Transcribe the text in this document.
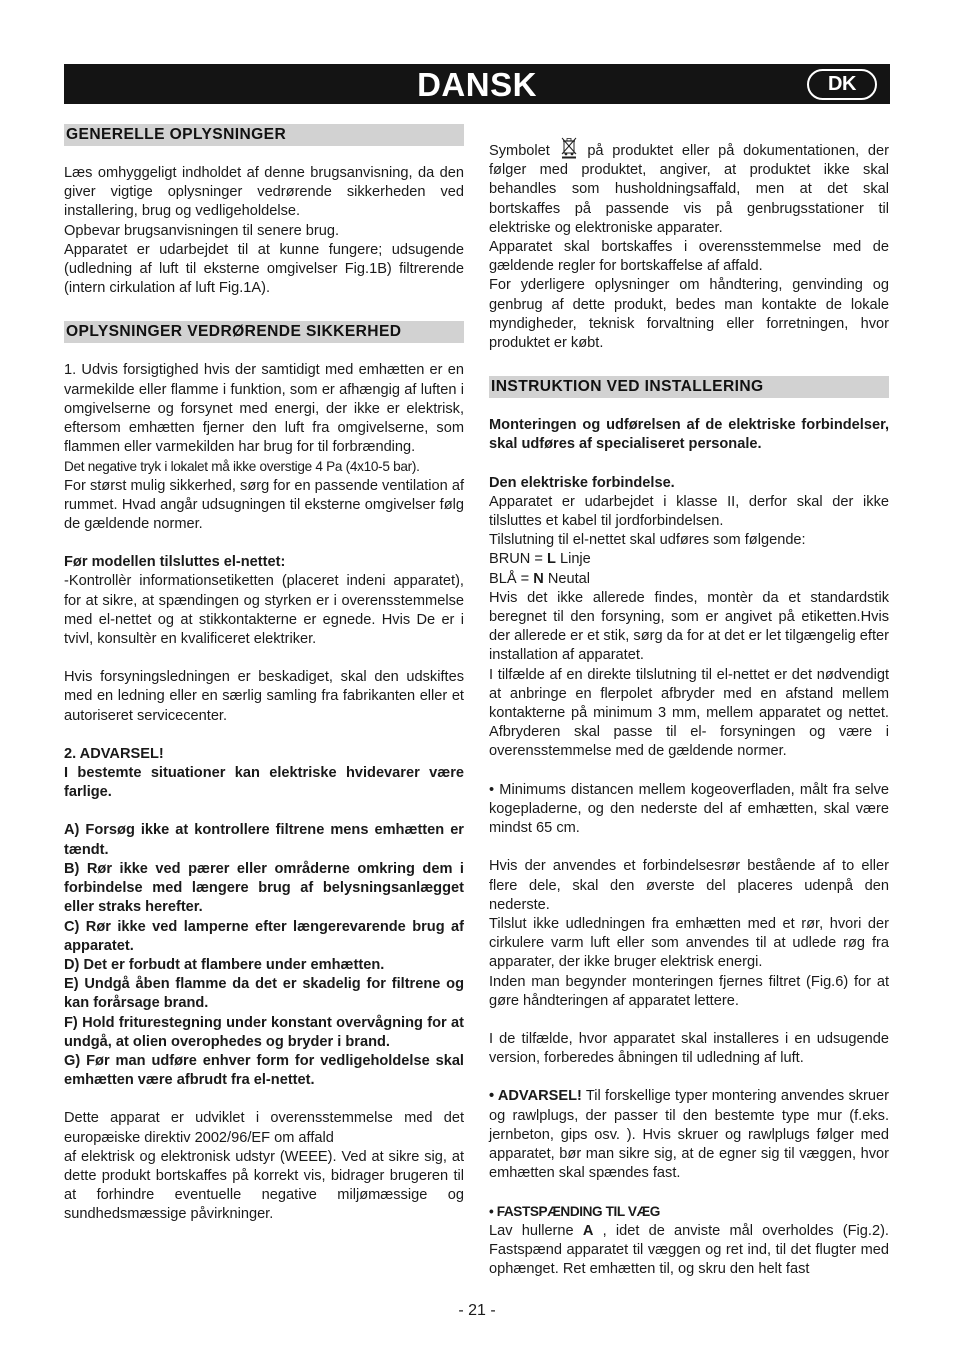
DANSK	DK
GENERELLE OPLYSNINGER

Læs omhyggeligt indholdet af denne brugsanvisning, da den giver vigtige oplysninger vedrørende sikkerheden ved installering, brug og vedligeholdelse.

Opbevar brugsanvisningen til senere brug.

Apparatet er udarbejdet til at kunne fungere; udsugende (udledning af luft til eksterne omgivelser Fig.1B) filtrerende (intern cirkulation af luft Fig.1A).

OPLYSNINGER VEDRØRENDE SIKKERHED

1. Udvis forsigtighed hvis der samtidigt med emhætten er en varmekilde eller flamme i funktion, som er afhængig af luften i omgivelserne og forsynet med energi, der ikke er elektrisk, eftersom emhætten fjerner den luft fra omgivelserne, som flammen eller varmekilden har brug for til forbrænding.

Det negative tryk i lokalet må ikke overstige 4 Pa (4x10-5 bar).

For størst mulig sikkerhed, sørg for en passende ventilation af rummet. Hvad angår udsugningen til eksterne omgivelser følg de gældende normer.

Før modellen tilsluttes el-nettet:

-Kontrollèr informationsetiketten (placeret indeni apparatet), for at sikre, at spændingen og styrken er i overensstemmelse med el-nettet og at stikkontakterne er egnede. Hvis De er i tvivl, konsultèr en kvalificeret elektriker.

Hvis forsyningsledningen er beskadiget, skal den udskiftes med en ledning eller en særlig samling fra fabrikanten eller et autoriseret servicecenter.

2. ADVARSEL!

I bestemte situationer kan elektriske hvidevarer være farlige.

A) Forsøg ikke at kontrollere filtrene mens emhætten er tændt.

B) Rør ikke ved pærer eller områderne omkring dem i forbindelse med længere brug af belysningsanlægget eller straks herefter.

C) Rør ikke ved lamperne efter længerevarende brug af apparatet.

D) Det er forbudt at flambere under emhætten.

E) Undgå åben flamme da det er skadelig for filtrene og kan forårsage brand.

F) Hold friturestegning under konstant overvågning for at undgå, at olien overophedes og bryder i brand.

G) Før man udføre enhver form for vedligeholdelse skal emhætten være afbrudt fra el-nettet.

Dette apparat er udviklet i overensstemmelse med det europæiske direktiv 2002/96/EF om affald

af elektrisk og elektronisk udstyr (WEEE). Ved at sikre sig, at dette produkt bortskaffes på korrekt vis, bidrager brugeren til at forhindre eventuelle negative miljømæssige og sundhedsmæssige påvirkninger.

Symbolet	på produktet eller på dokumentationen, der følger med produktet, angiver, at produktet ikke skal behandles som husholdningsaffald, men at det skal bortskaffes på passende vis på genbrugsstationer til elektriske og elektroniske apparater.

Apparatet skal bortskaffes i overensstemmelse med de gældende regler for bortskaffelse af affald.

For yderligere oplysninger om håndtering, genvinding og genbrug af dette produkt, bedes man kontakte de lokale myndigheder, teknisk forvaltning eller forretningen, hvor produktet er købt.

INSTRUKTION VED INSTALLERING

Monteringen og udførelsen af de elektriske forbindelser, skal udføres af specialiseret personale.

Den elektriske forbindelse.

Apparatet er udarbejdet i klasse II, derfor skal der ikke tilsluttes et kabel til jordforbindelsen.

Tilslutning til el-nettet skal udføres som følgende:

BRUN = L Linje

BLÅ = N Neutal

Hvis det ikke allerede findes, montèr da et standardstik beregnet til den forsyning, som er angivet på etiketten.Hvis der allerede er et stik, sørg da for at det er let tilgængelig efter installation af apparatet.

I tilfælde af en direkte tilslutning til el-nettet er det nødvendigt at anbringe en flerpolet afbryder med en afstand mellem kontakterne på minimum 3 mm, mellem apparatet og nettet. Afbryderen skal passe til el- forsyningen og være i overensstemmelse med de gældende normer.

• Minimums distancen mellem kogeoverfladen, målt fra selve kogepladerne, og den nederste del af emhætten, skal være mindst 65 cm.

Hvis der anvendes et forbindelsesrør bestående af to eller flere dele, skal den øverste del placeres udenpå den nederste.

Tilslut ikke udledningen fra emhætten med et rør, hvori der cirkulere varm luft eller som anvendes til at udlede røg fra apparater, der ikke bruger elektrisk energi.

Inden man begynder monteringen fjernes filtret (Fig.6) for at gøre håndteringen af apparatet lettere.

I de tilfælde, hvor apparatet skal installeres i en udsugende version, forberedes åbningen til udledning af luft.

• ADVARSEL! Til forskellige typer montering anvendes skruer og rawlplugs, der passer til den bestemte type mur (f.eks. jernbeton, gips osv. ). Hvis skruer og rawlplugs følger med apparatet, bør man sikre sig, at de egner sig til væggen, hvor emhætten skal spændes fast.

• FASTSPÆNDING TIL VÆG

Lav hullerne A , idet de anviste mål overholdes (Fig.2). Fastspænd apparatet til væggen og ret ind, til det flugter med ophænget. Ret emhætten til, og skru den helt fast

- 21 -
